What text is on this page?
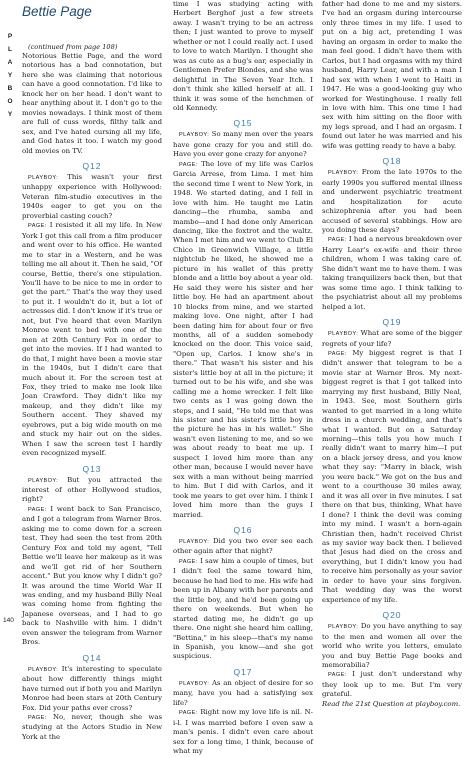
P
L
A
Y
B
O
Y
140
Bettie Page

(continued from page 108)

Notorious Bettie Page, and the word notorious has a bad connotation, but here she was claiming that notorious can have a good connotation. I'd like to knock her on her head. I don't want to hear anything about it. I don't go to the movies nowadays. I think most of them are full of cuss words, filthy talk and sex, and I've hated cursing all my life, and God hates it too. I watch my good old movies on TV.

Q12

PLAYBOY: This wasn't your first unhappy experience with Hollywood: Veteran film-studio executives in the 1940s eager to get you on the proverbial casting couch?

PAGE: I resisted it all my life. In New York I got this call from a film producer and went over to his office. He wanted me to star in a Western, and he was telling me all about it. Then he said, "Of course, Bettie, there's one stipulation. You'll have to be nice to me in order to get the part." That's the way they used to put it. I wouldn't do it, but a lot of actresses did. I don't know if it's true or not, but I've heard that even Marilyn Monroe went to bed with one of the men at 20th Century Fox in order to get into the movies. If I had wanted to do that, I might have been a movie star in the 1940s, but I didn't care that much about it. For the screen test at Fox, they tried to make me look like Joan Crawford. They didn't like my makeup, and they didn't like my Southern accent. They shaved my eyebrows, put a big wide mouth on me and stuck my hair out on the sides. When I saw the screen test I hardly even recognized myself.

Q13

PLAYBOY: But you attracted the interest of other Hollywood studios, right?

PAGE: I went back to San Francisco, and I got a telegram from Warner Bros. asking me to come down for a screen test. They had seen the test from 20th Century Fox and told my agent, "Tell Bettie we'll leave her makeup as it was and we'll get rid of her Southern accent." But you know why I didn't go? It was around the time World War II was ending, and my husband Billy Neal was coming home from fighting the Japanese overseas, and I had to go back to Nashville with him. I didn't even answer the telegram from Warner Bros.

Q14

PLAYBOY: It's interesting to speculate about how differently things might have turned out if both you and Marilyn Monroe had been stars at 20th Century Fox. Did your paths ever cross?

PAGE: No, never, though she was studying at the Actors Studio in New York at the

time I was studying acting with Herbert Berghof just a few streets away. I wasn't trying to be an actress then; I just wanted to prove to myself whether or not I could really act. I used to love to watch Marilyn. I thought she was as cute as a bug's ear, especially in Gentlemen Prefer Blondes, and she was delightful in The Seven Year Itch. I don't think she killed herself at all. I think it was some of the henchmen of old Kennedy.

Q15

PLAYBOY: So many men over the years have gone crazy for you and still do. Have you ever gone crazy for anyone?

PAGE: The love of my life was Carlos Garcia Arrese, from Lima. I met him the second time I went to New York, in 1948. We started dating, and I fell in love with him. He taught me Latin dancing—the rhumba, samba and mambo—and I had done only American dancing, like the foxtrot and the waltz. When I met him and we went to Club El Chico in Greenwich Village, a little nightclub he liked, he showed me a picture in his wallet of this pretty blonde and a little boy about a year old. He said they were his sister and her little boy. He had an apartment about 10 blocks from mine, and we started making love. One night, after I had been dating him for about four or five months, all of a sudden somebody knocked on the door. This voice said, "Open up, Carlos. I know she's in there." That wasn't his sister and his sister's little boy at all in the picture; it turned out to be his wife, and she was calling me a home wrecker. I felt like two cents as I was going down the steps, and I said, "He told me that was his sister and his sister's little boy in the picture he has in his wallet." She wasn't even listening to me, and so we was about ready to beat me up. I suspect I loved him more than any other man, because I would never have sex with a man without being married to him. But I did with Carlos, and it took me years to get over him. I think I loved him more than the guys I married.

Q16

PLAYBOY: Did you two ever see each other again after that night?

PAGE: I saw him a couple of times, but I didn't feel the same toward him, because he had lied to me. His wife had been up in Albany with her parents and the little boy, and he'd been going up there on weekends. But when he started dating me, he didn't go up there. One night she heard him calling, "Bettina," in his sleep—that's my name in Spanish, you know—and she got suspicious.

Q17

PLAYBOY: As an object of desire for so many, have you had a satisfying sex life?

PAGE: Right now my love life is nil. N-i-l. I was married before I even saw a man's penis. I didn't even care about sex for a long time, I think, because of what my

father had done to me and my sisters. I've had an orgasm during intercourse only three times in my life. I used to put on a big act, pretending I was having an orgasm in order to make the man feel good. I didn't have them with Carlos, but I had orgasms with my third husband, Harry Lear, and with a man I had sex with when I went to Haiti in 1947. He was a good-looking guy who worked for Westinghouse. I really fell in love with him. This one time I had sex with him sitting on the floor with my legs spread, and I had an orgasm. I found out later he was married and his wife was getting ready to have a baby.

Q18

PLAYBOY: From the late 1970s to the early 1990s you suffered mental illness and underwent psychiatric treatment and hospitalization for acute schizophrenia after you had been accused of several stabbings. How are you doing these days?

PAGE: I had a nervous breakdown over Harry Lear's ex-wife and their three children, whom I was taking care of. She didn't want me to have them. I was taking tranquilizers back then, but that was some time ago. I think talking to the psychiatrist about all my problems helped a lot.

Q19

PLAYBOY: What are some of the bigger regrets of your life?

PAGE: My biggest regret is that I didn't answer that telegram to be a movie star at Warner Bros. My next-biggest regret is that I got talked into marrying my first husband, Billy Neal, in 1943. See, most Southern girls wanted to get married in a long white dress in a church wedding, and that's what I wanted. But on a Saturday morning—this tells you how much I really didn't want to marry him—I put on a black jersey dress, and you know what they say: "Marry in black, wish you were back." We got on the bus and went to a courthouse 30 miles away, and it was all over in five minutes. I sat there on that bus, thinking, What have I done? I think the devil was coming into my mind. I wasn't a born-again Christian then, hadn't received Christ as my savior way back then. I believed that Jesus had died on the cross and everything, but I didn't know you had to receive him personally as your savior in order to have your sins forgiven. That wedding day was the worst experience of my life.

Q20

PLAYBOY: Do you have anything to say to the men and women all over the world who write you letters, emulate you and buy Bettie Page books and memorabilia?

PAGE: I just don't understand why they look up to me. But I'm very grateful.

Read the 21st Question at playboy.com.
